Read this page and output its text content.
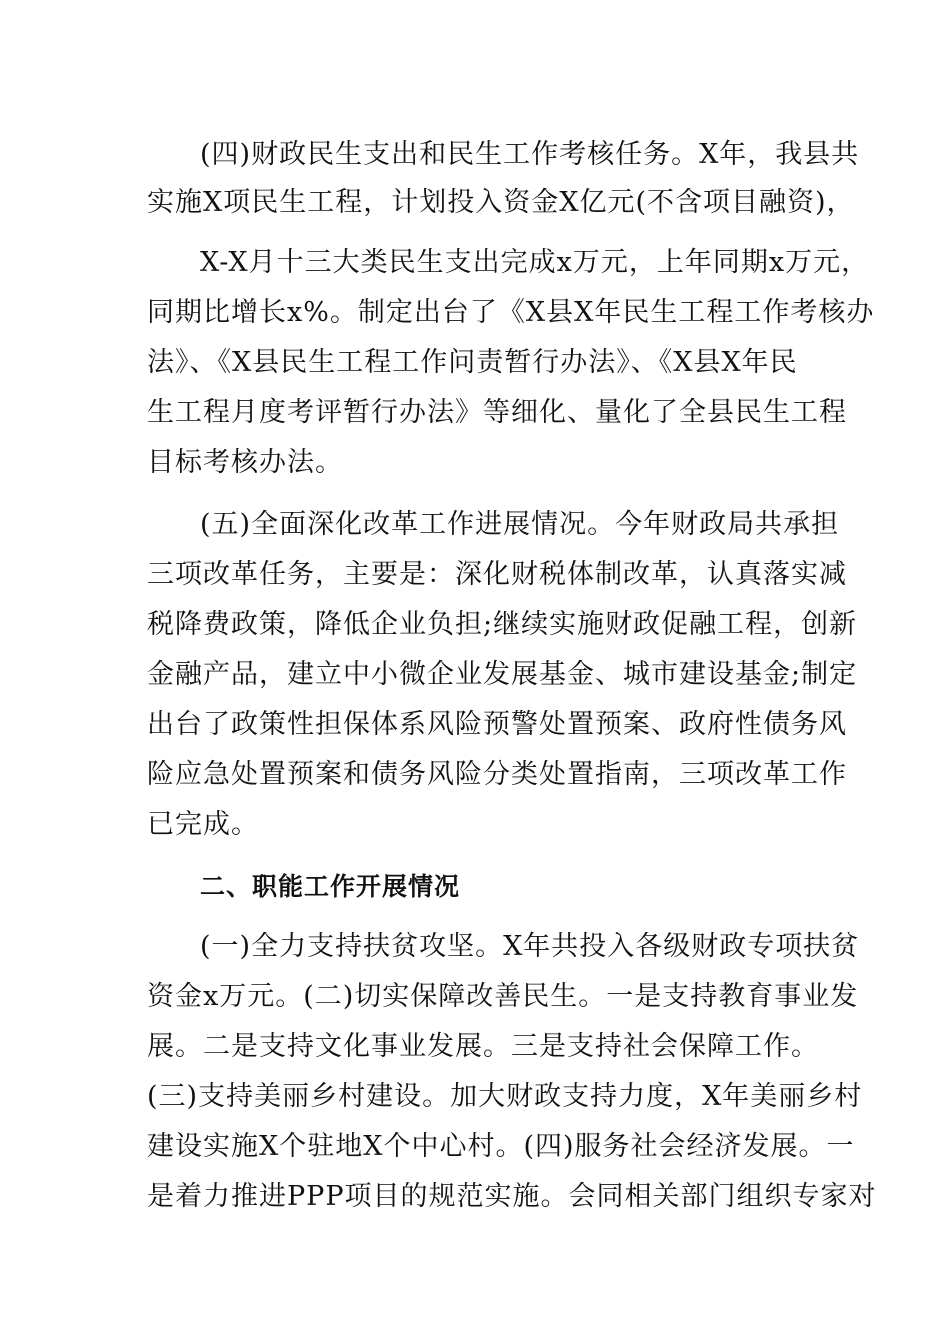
(四)财政民生支出和民生工作考核任务。X年，我县共

实施X项民生工程，计划投入资金X亿元(不含项目融资)，

X-X月十三大类民生支出完成x万元，上年同期x万元，

同期比增长x%。制定出台了《X县X年民生工程工作考核办

法》、《X县民生工程工作问责暂行办法》、《X县X年民

生工程月度考评暂行办法》等细化、量化了全县民生工程

目标考核办法。

(五)全面深化改革工作进展情况。今年财政局共承担

三项改革任务，主要是：深化财税体制改革，认真落实减

税降费政策，降低企业负担;继续实施财政促融工程，创新

金融产品，建立中小微企业发展基金、城市建设基金;制定

出台了政策性担保体系风险预警处置预案、政府性债务风

险应急处置预案和债务风险分类处置指南，三项改革工作

已完成。

二、职能工作开展情况

(一)全力支持扶贫攻坚。X年共投入各级财政专项扶贫

资金x万元。(二)切实保障改善民生。一是支持教育事业发

展。二是支持文化事业发展。三是支持社会保障工作。

(三)支持美丽乡村建设。加大财政支持力度，X年美丽乡村

建设实施X个驻地X个中心村。(四)服务社会经济发展。一

是着力推进PPP项目的规范实施。会同相关部门组织专家对
